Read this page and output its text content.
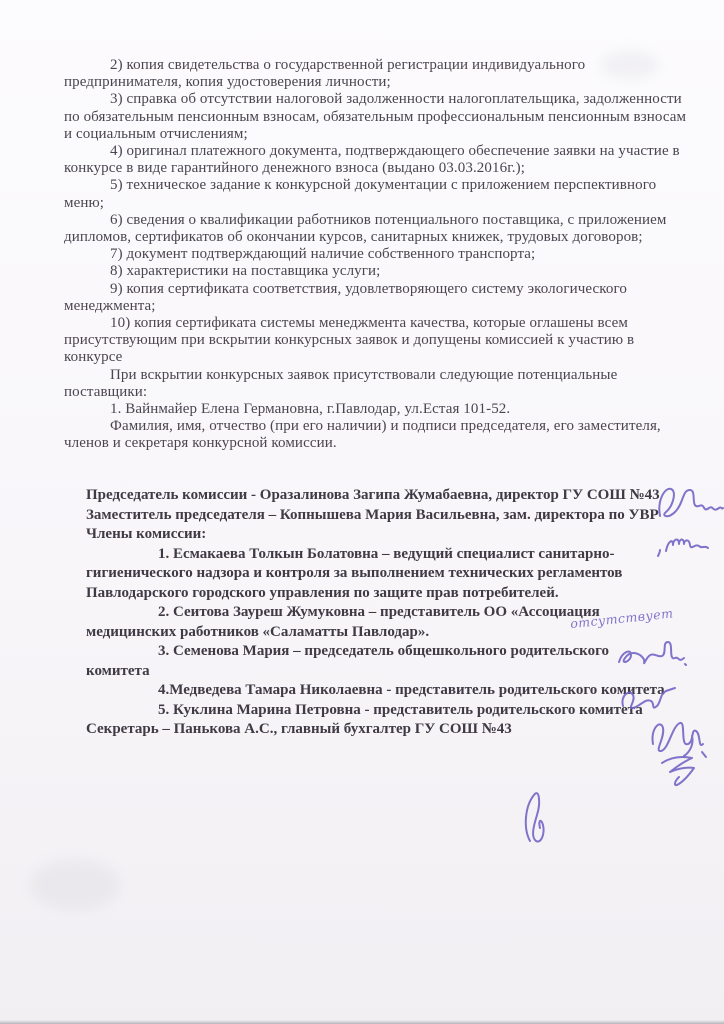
2) копия свидетельства о государственной регистрации индивидуального предпринимателя, копия удостоверения личности;

3) справка об отсутствии налоговой задолженности налогоплательщика, задолженности по обязательным пенсионным взносам, обязательным профессиональным пенсионным взносам и социальным отчислениям;

4) оригинал платежного документа, подтверждающего обеспечение заявки на участие в конкурсе в виде гарантийного денежного взноса (выдано 03.03.2016г.);

5) техническое задание к конкурсной документации с приложением перспективного меню;

6) сведения о квалификации работников потенциального поставщика, с приложением дипломов, сертификатов об окончании курсов, санитарных книжек, трудовых договоров;

7) документ подтверждающий наличие собственного транспорта;

8) характеристики на поставщика услуги;

9) копия сертификата соответствия, удовлетворяющего систему экологического менеджмента;

10) копия сертификата системы менеджмента качества, которые оглашены всем присутствующим при вскрытии конкурсных заявок и допущены комиссией к участию в конкурсе

При вскрытии конкурсных заявок присутствовали следующие потенциальные поставщики:

1. Вайнмайер Елена Германовна, г.Павлодар, ул.Естая 101-52.

Фамилия, имя, отчество (при его наличии) и подписи председателя, его заместителя, членов и секретаря конкурсной комиссии.

Председатель комиссии - Оразалинова Загипа Жумабаевна, директор ГУ СОШ №43

Заместитель председателя – Копнышева Мария Васильевна, зам. директора по УВР

Члены комиссии:

1. Есмакаева Толкын Болатовна – ведущий специалист санитарно-гигиенического надзора и контроля за выполнением технических регламентов Павлодарского городского управления по защите прав потребителей.

2. Сеитова Зауреш Жумуковна – представитель ОО «Ассоциация медицинских работников «Саламатты Павлодар».

3. Семенова Мария – председатель общешкольного родительского комитета

4.Медведева Тамара Николаевна - представитель родительского комитета

5. Куклина Марина Петровна - представитель родительского комитета

Секретарь – Панькова А.С., главный бухгалтер ГУ СОШ №43

отсутствует
